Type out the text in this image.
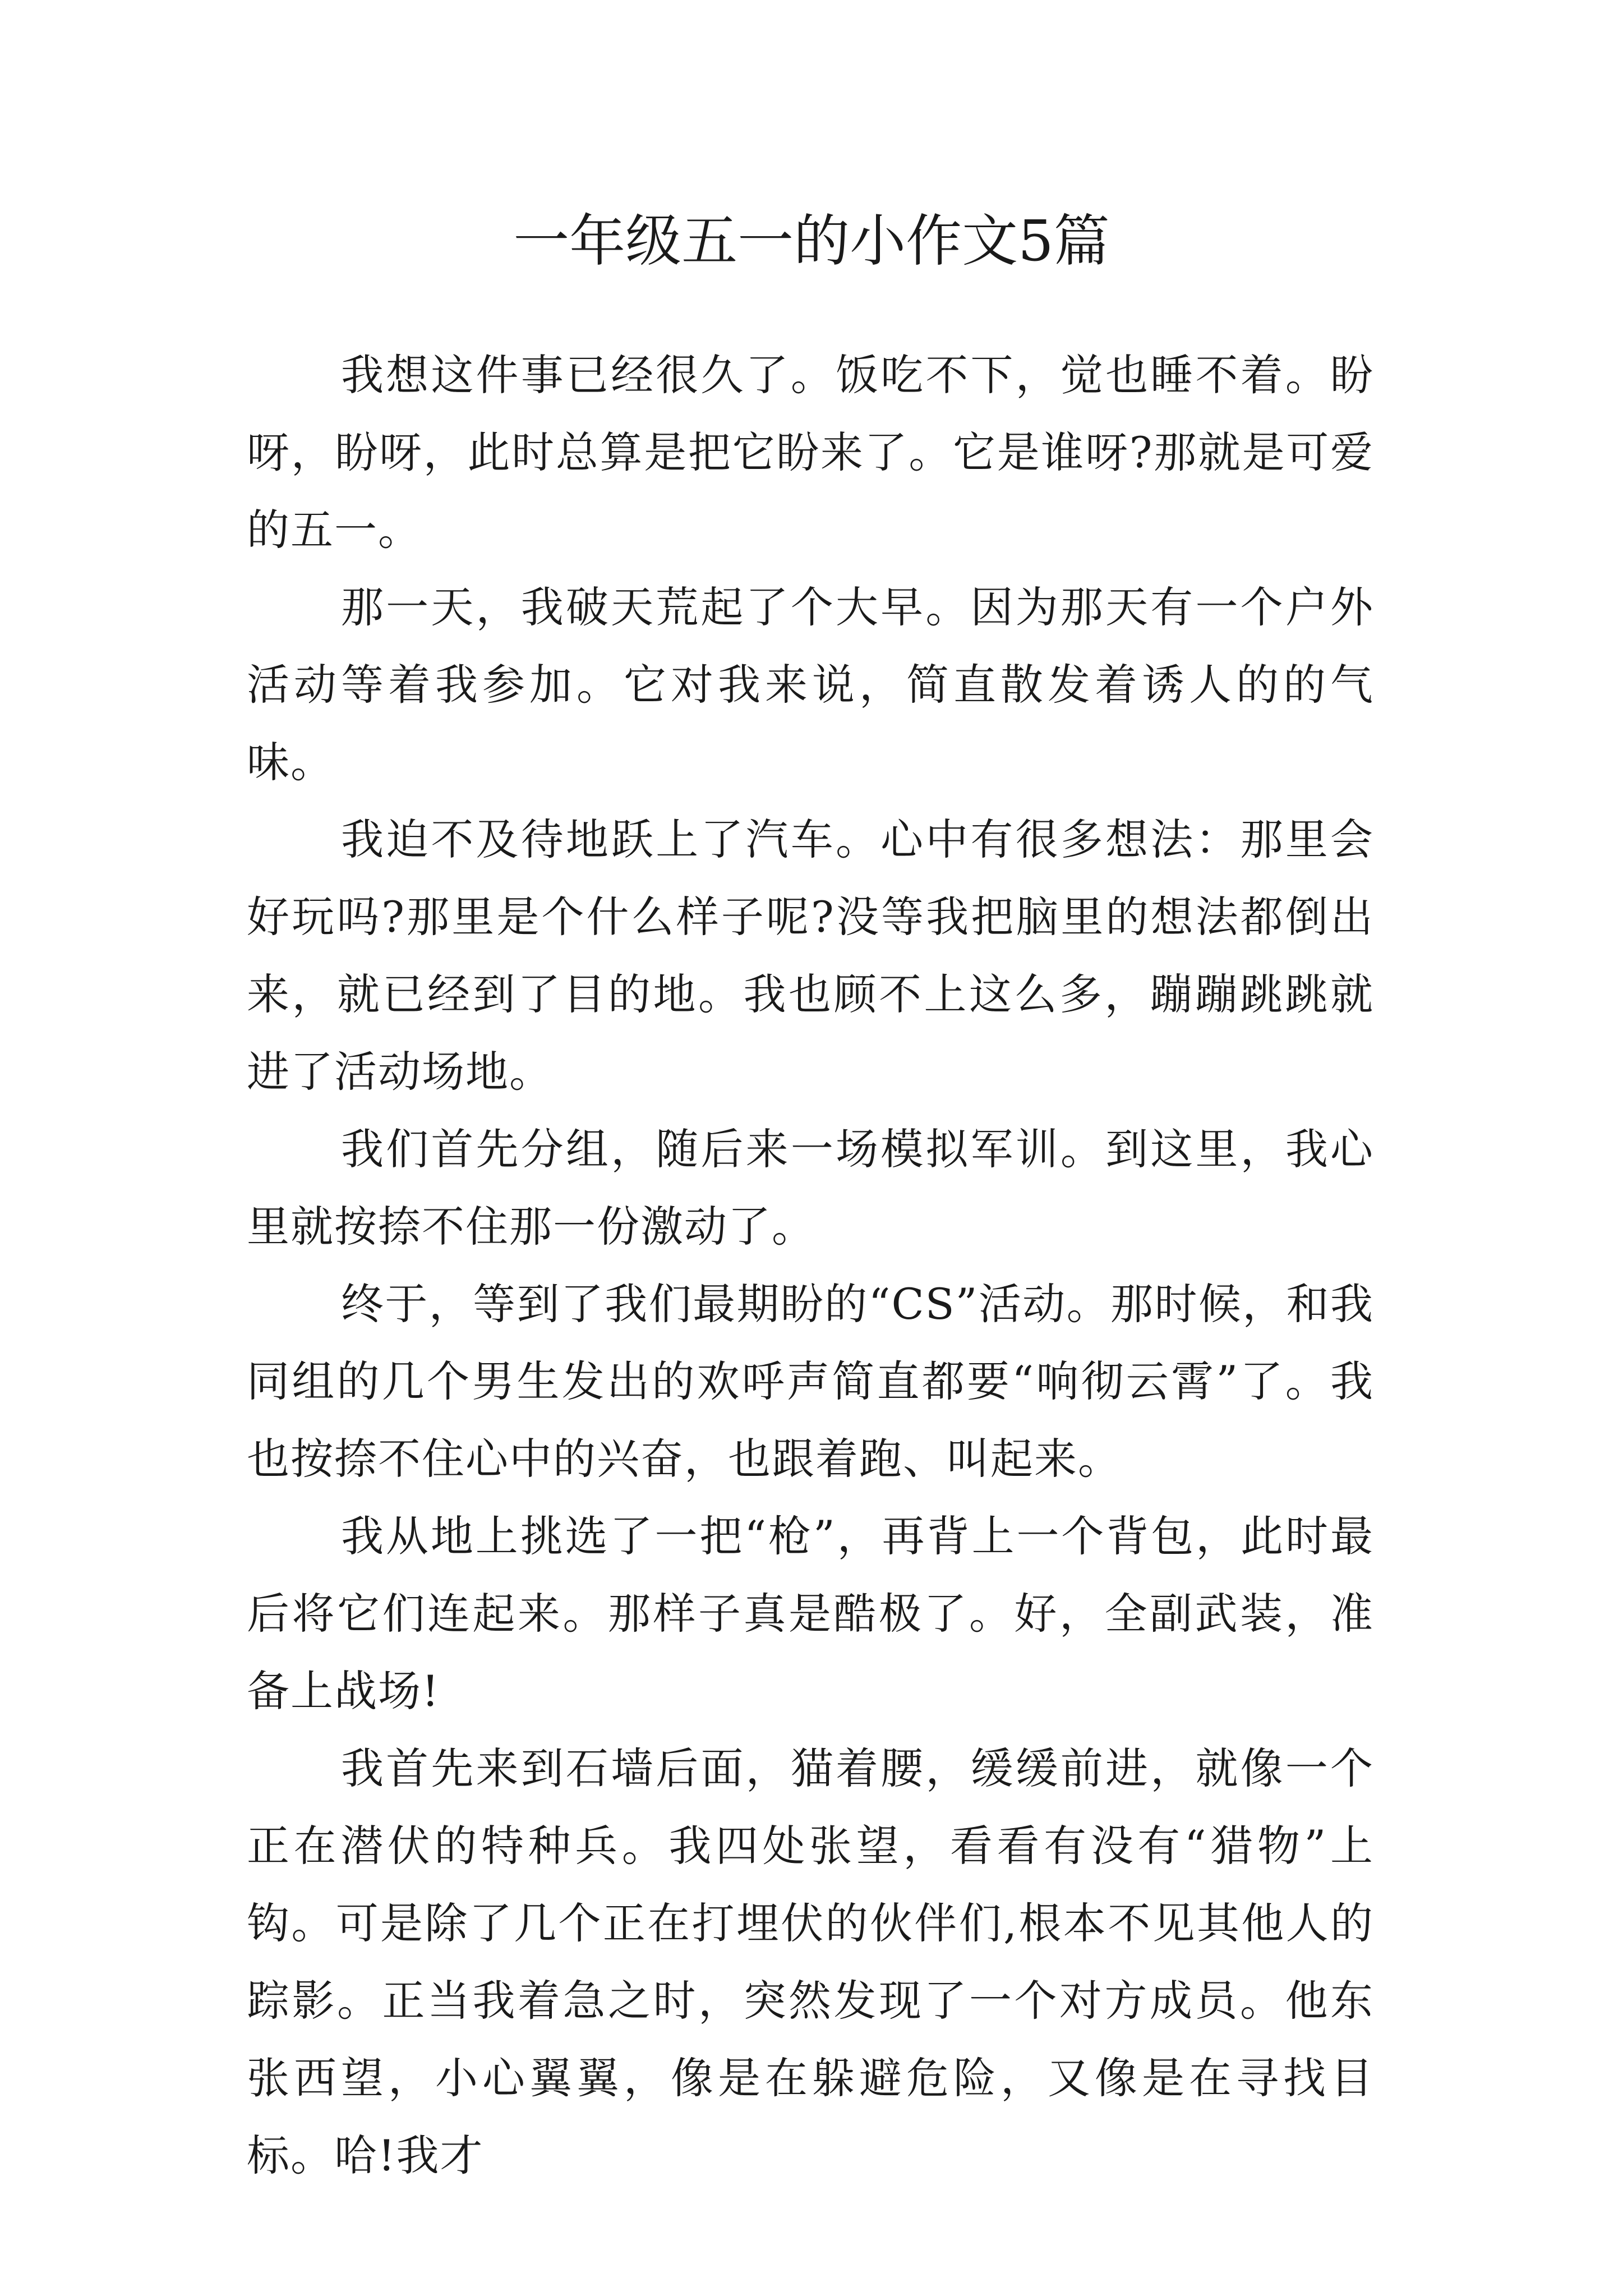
一年级五一的小作文5篇

我想这件事已经很久了。饭吃不下，觉也睡不着。盼呀，盼呀，此时总算是把它盼来了。它是谁呀?那就是可爱的五一。

那一天，我破天荒起了个大早。因为那天有一个户外活动等着我参加。它对我来说，简直散发着诱人的的气味。

我迫不及待地跃上了汽车。心中有很多想法：那里会好玩吗?那里是个什么样子呢?没等我把脑里的想法都倒出来，就已经到了目的地。我也顾不上这么多，蹦蹦跳跳就进了活动场地。

我们首先分组，随后来一场模拟军训。到这里，我心里就按捺不住那一份激动了。

终于，等到了我们最期盼的“CS”活动。那时候，和我同组的几个男生发出的欢呼声简直都要“响彻云霄”了。我也按捺不住心中的兴奋，也跟着跑、叫起来。

我从地上挑选了一把“枪”，再背上一个背包，此时最后将它们连起来。那样子真是酷极了。好，全副武装，准备上战场!

我首先来到石墙后面，猫着腰，缓缓前进，就像一个正在潜伏的特种兵。我四处张望，看看有没有“猎物”上钩。可是除了几个正在打埋伏的伙伴们,根本不见其他人的踪影。正当我着急之时，突然发现了一个对方成员。他东张西望，小心翼翼，像是在躲避危险，又像是在寻找目标。哈!我才
